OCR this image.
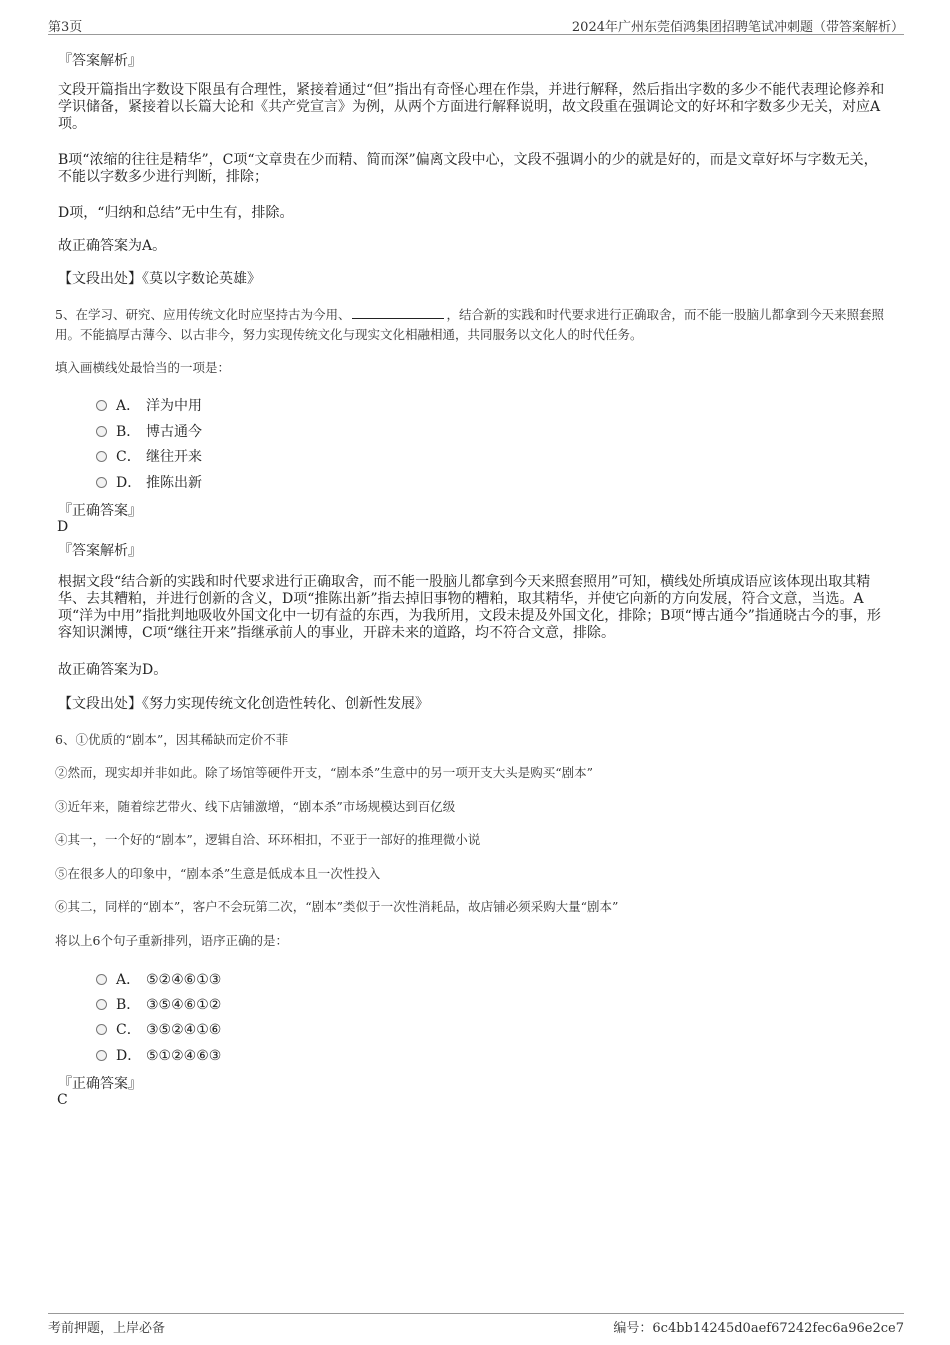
第3页	2024年广州东莞佰鸿集团招聘笔试冲刺题（带答案解析）
『答案解析』
文段开篇指出字数设下限虽有合理性，紧接着通过“但”指出有奇怪心理在作祟，并进行解释，然后指出字数的多少不能代表理论修养和学识储备，紧接着以长篇大论和《共产党宣言》为例，从两个方面进行解释说明，故文段重在强调论文的好坏和字数多少无关，对应A项。
B项“浓缩的往往是精华”，C项“文章贵在少而精、简而深”偏离文段中心，文段不强调小的少的就是好的，而是文章好坏与字数无关，不能以字数多少进行判断，排除；
D项，“归纳和总结”无中生有，排除。
故正确答案为A。
【文段出处】《莫以字数论英雄》
5、在学习、研究、应用传统文化时应坚持古为今用、	，结合新的实践和时代要求进行正确取舍，而不能一股脑儿都拿到今天来照套照用。不能搞厚古薄今、以古非今，努力实现传统文化与现实文化相融相通，共同服务以文化人的时代任务。
填入画横线处最恰当的一项是：
A． 洋为中用
B． 博古通今
C． 继往开来
D． 推陈出新
『正确答案』
D
『答案解析』
根据文段“结合新的实践和时代要求进行正确取舍，而不能一股脑儿都拿到今天来照套照用”可知，横线处所填成语应该体现出取其精华、去其糟粕，并进行创新的含义，D项“推陈出新”指去掉旧事物的糟粕，取其精华，并使它向新的方向发展，符合文意，当选。A项“洋为中用”指批判地吸收外国文化中一切有益的东西，为我所用，文段未提及外国文化，排除；B项“博古通今”指通晓古今的事，形容知识渊博，C项“继往开来”指继承前人的事业，开辟未来的道路，均不符合文意，排除。
故正确答案为D。
【文段出处】《努力实现传统文化创造性转化、创新性发展》
6、①优质的“剧本”，因其稀缺而定价不菲
②然而，现实却并非如此。除了场馆等硬件开支，“剧本杀”生意中的另一项开支大头是购买“剧本”
③近年来，随着综艺带火、线下店铺激增，“剧本杀”市场规模达到百亿级
④其一，一个好的“剧本”，逻辑自洽、环环相扣，不亚于一部好的推理微小说
⑤在很多人的印象中，“剧本杀”生意是低成本且一次性投入
⑥其二，同样的“剧本”，客户不会玩第二次，“剧本”类似于一次性消耗品，故店铺必须采购大量“剧本”
将以上6个句子重新排列，语序正确的是：
A． ⑤②④⑥①③
B． ③⑤④⑥①②
C． ③⑤②④①⑥
D． ⑤①②④⑥③
『正确答案』
C
考前押题，上岸必备	编号：6c4bb14245d0aef67242fec6a96e2ce7
